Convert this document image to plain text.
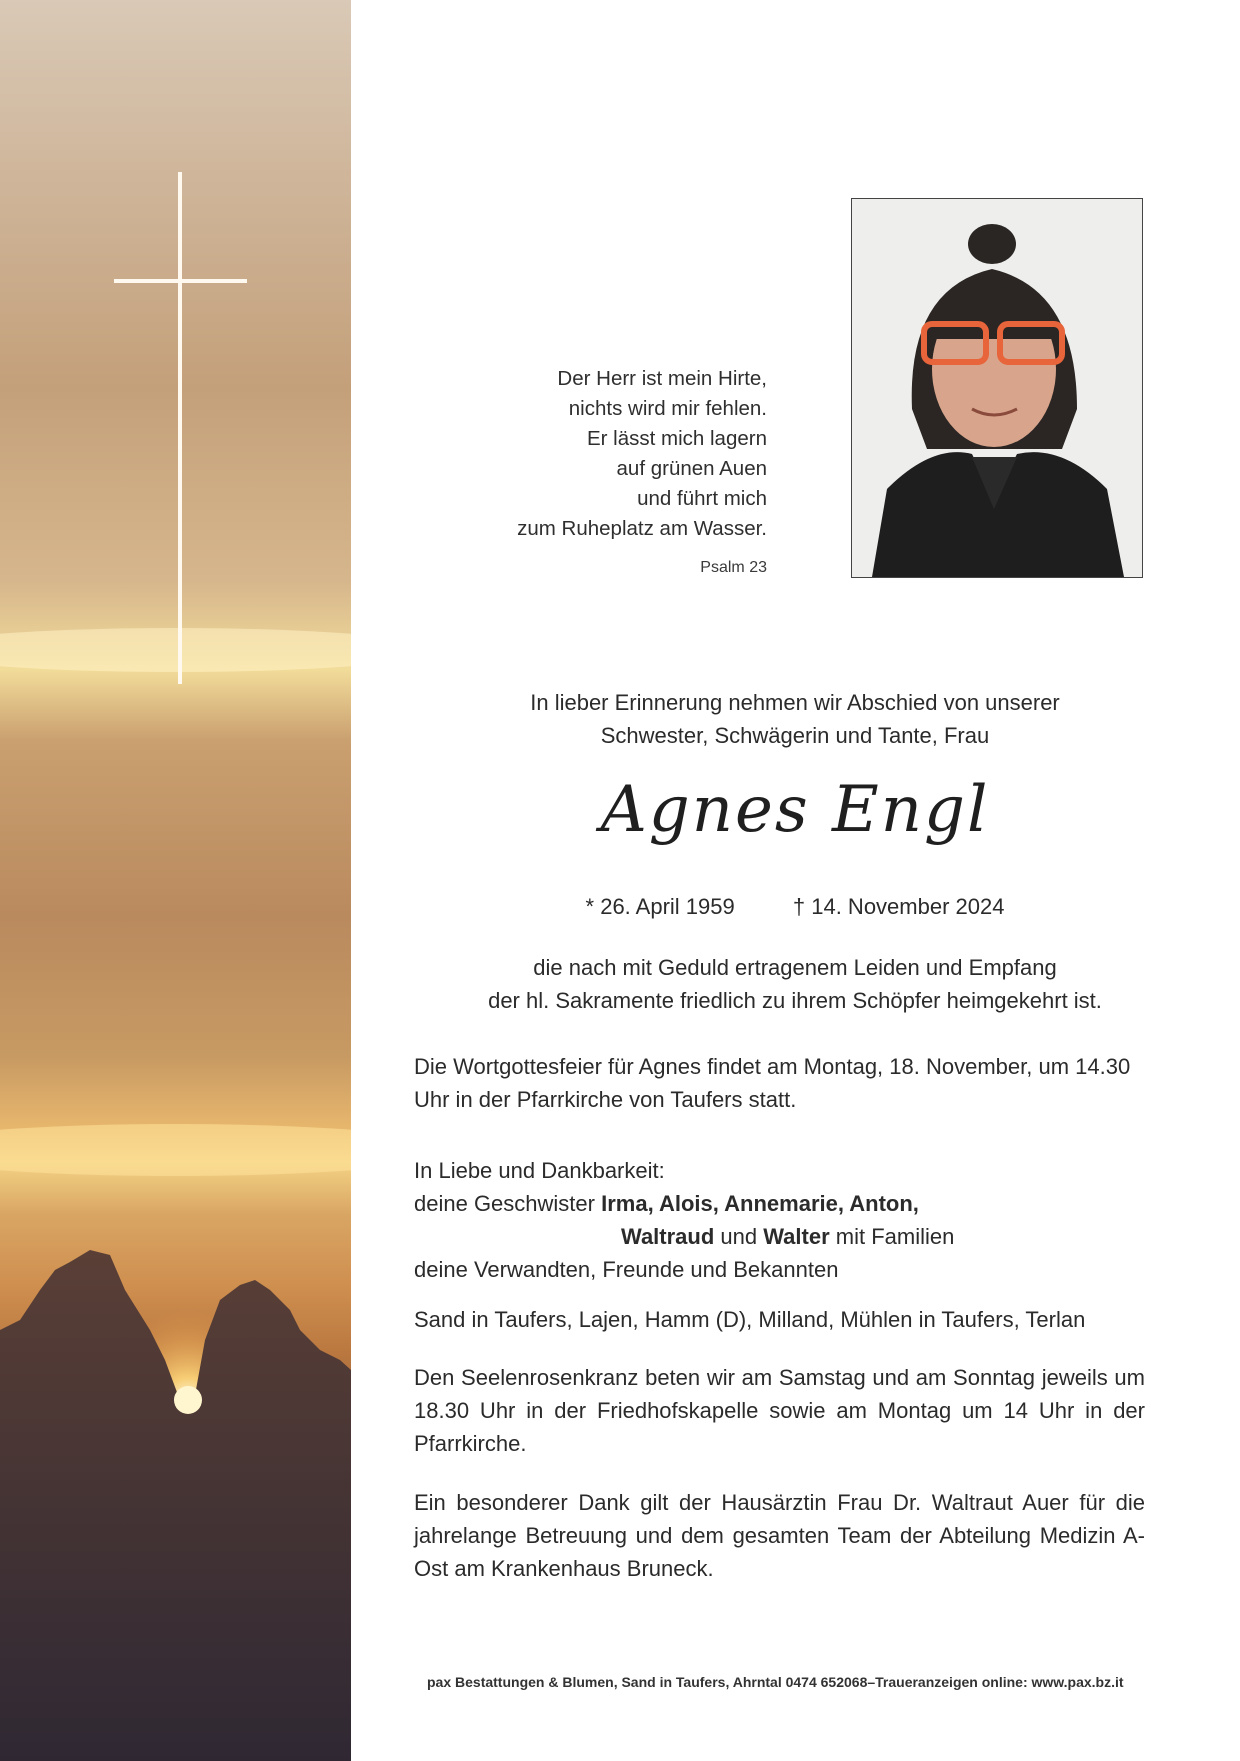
Der Herr ist mein Hirte,
nichts wird mir fehlen.
Er lässt mich lagern
auf grünen Auen
und führt mich
zum Ruheplatz am Wasser.
Psalm 23
In lieber Erinnerung nehmen wir Abschied von unserer
Schwester, Schwägerin und Tante, Frau
Agnes Engl
* 26. April 1959	† 14. November 2024
die nach mit Geduld ertragenem Leiden und Empfang
der hl. Sakramente friedlich zu ihrem Schöpfer heimgekehrt ist.
Die Wortgottesfeier für Agnes findet am Montag, 18. November, um 14.30 Uhr in der Pfarrkirche von Taufers statt.
In Liebe und Dankbarkeit:
deine Geschwister Irma, Alois, Annemarie, Anton,
Waltraud und Walter mit Familien
deine Verwandten, Freunde und Bekannten
Sand in Taufers, Lajen, Hamm (D), Milland, Mühlen in Taufers, Terlan
Den Seelenrosenkranz beten wir am Samstag und am Sonntag jeweils um 18.30 Uhr in der Friedhofskapelle sowie am Montag um 14 Uhr in der Pfarrkirche.
Ein besonderer Dank gilt der Hausärztin Frau Dr. Waltraut Auer für die jahrelange Betreuung und dem gesamten Team der Abteilung Medizin A-Ost am Krankenhaus Bruneck.
pax Bestattungen & Blumen, Sand in Taufers, Ahrntal 0474 652068–Traueranzeigen online: www.pax.bz.it
